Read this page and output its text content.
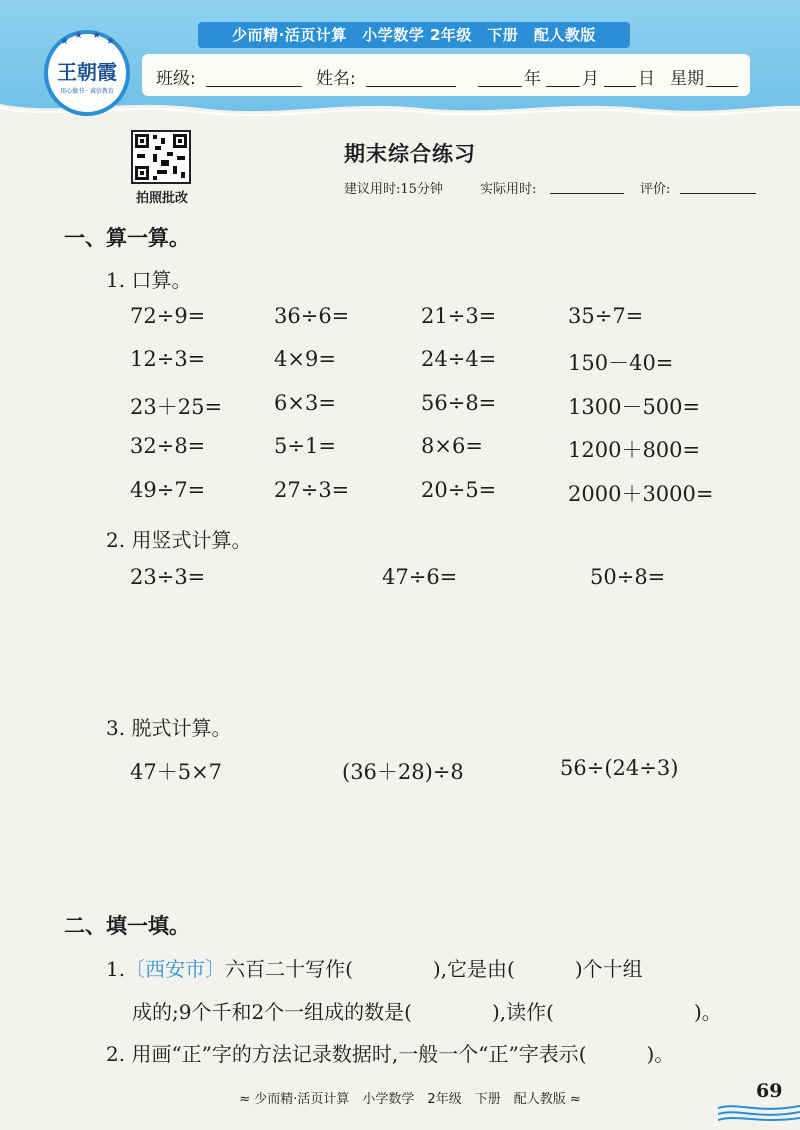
少而精·活页计算　小学数学 2年级　下册　配人教版
★
★ ★
★
王朝霞
用心做书 · 诚信教育
班级:	姓名:	年 月 日 星期
拍照批改
期末综合练习
建议用时:15分钟	实际用时:	评价:
一、算一算。
1. 口算。
72÷9=	36÷6=	21÷3=	35÷7=
12÷3=	4×9=	24÷4=	150－40=
23＋25= 6×3=	56÷8=	1300－500=
32÷8=	5÷1=	8×6=	1200＋800=
49÷7=	27÷3=	20÷5=	2000＋3000=
2. 用竖式计算。
23÷3=	47÷6=	50÷8=
3. 脱式计算。
47＋5×7	(36＋28)÷8	56÷(24÷3)
二、填一填。
1.〔西安市〕六百二十写作(　　　　),它是由(　　　)个十组
成的;9个千和2个一组成的数是(　　　　),读作(　　　　　　　)。
2. 用画“正”字的方法记录数据时,一般一个“正”字表示(　　　)。
≈ 少而精·活页计算　小学数学　2年级　下册　配人教版 ≈	69
